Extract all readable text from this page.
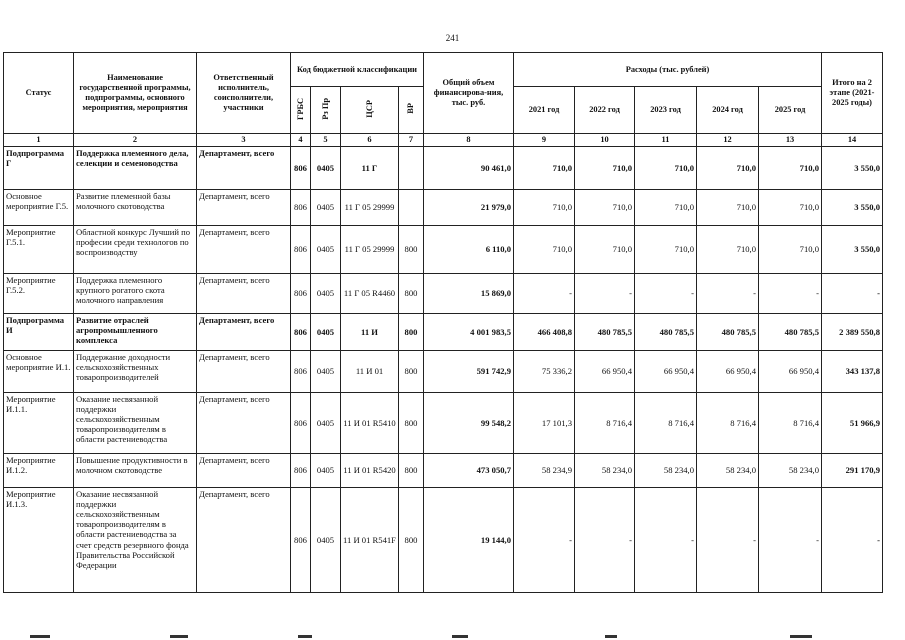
241
Статус	Наименование государственной программы, подпрограммы, основного мероприятия, мероприятия	Ответственный исполнитель, соисполнители, участники	Код бюджетной классификации				Общий объем финансирова-ния, тыс. руб.	Расходы (тыс. рублей)					Итого на 2 этапе (2021-2025 годы)
			ГРБС	Рз Пр	ЦСР	ВР		2021 год	2022 год	2023 год	2024 год	2025 год	
1	2	3	4	5	6	7	8	9	10	11	12	13	14
Подпрограмма Г	Поддержка племенного дела, селекции и семеноводства	Департамент, всего	806	0405	11 Г		90 461,0	710,0	710,0	710,0	710,0	710,0	3 550,0
Основное мероприятие Г.5.	Развитие племенной базы молочного скотоводства	Департамент, всего	806	0405	11 Г 05 29999		21 979,0	710,0	710,0	710,0	710,0	710,0	3 550,0
Мероприятие Г.5.1.	Областной конкурс Лучший по професии среди технологов по воспроизводству	Департамент, всего	806	0405	11 Г 05 29999	800	6 110,0	710,0	710,0	710,0	710,0	710,0	3 550,0
Мероприятие Г.5.2.	Поддержка племенного крупного рогатого скота молочного направления	Департамент, всего	806	0405	11 Г 05 R4460	800	15 869,0	-	-	-	-	-	-
Подпрограмма И	Развитие отраслей агропромышленного комплекса	Департамент, всего	806	0405	11 И	800	4 001 983,5	466 408,8	480 785,5	480 785,5	480 785,5	480 785,5	2 389 550,8
Основное мероприятие И.1.	Поддержание доходности сельскохозяйственных товаропроизводителей	Департамент, всего	806	0405	11 И 01	800	591 742,9	75 336,2	66 950,4	66 950,4	66 950,4	66 950,4	343 137,8
Мероприятие И.1.1.	Оказание несвязанной поддержки сельскохозяйственным товаропроизводителям в области растениеводства	Департамент, всего	806	0405	11 И 01 R5410	800	99 548,2	17 101,3	8 716,4	8 716,4	8 716,4	8 716,4	51 966,9
Мероприятие И.1.2.	Повышение продуктивности в молочном скотоводстве	Департамент, всего	806	0405	11 И 01 R5420	800	473 050,7	58 234,9	58 234,0	58 234,0	58 234,0	58 234,0	291 170,9
Мероприятие И.1.3.	Оказание несвязанной поддержки сельскохозяйственным товаропроизводителям в области растениеводства за счет средств резервного фонда Правительства Российской Федерации	Департамент, всего	806	0405	11 И 01 R541F	800	19 144,0	-	-	-	-	-	-
